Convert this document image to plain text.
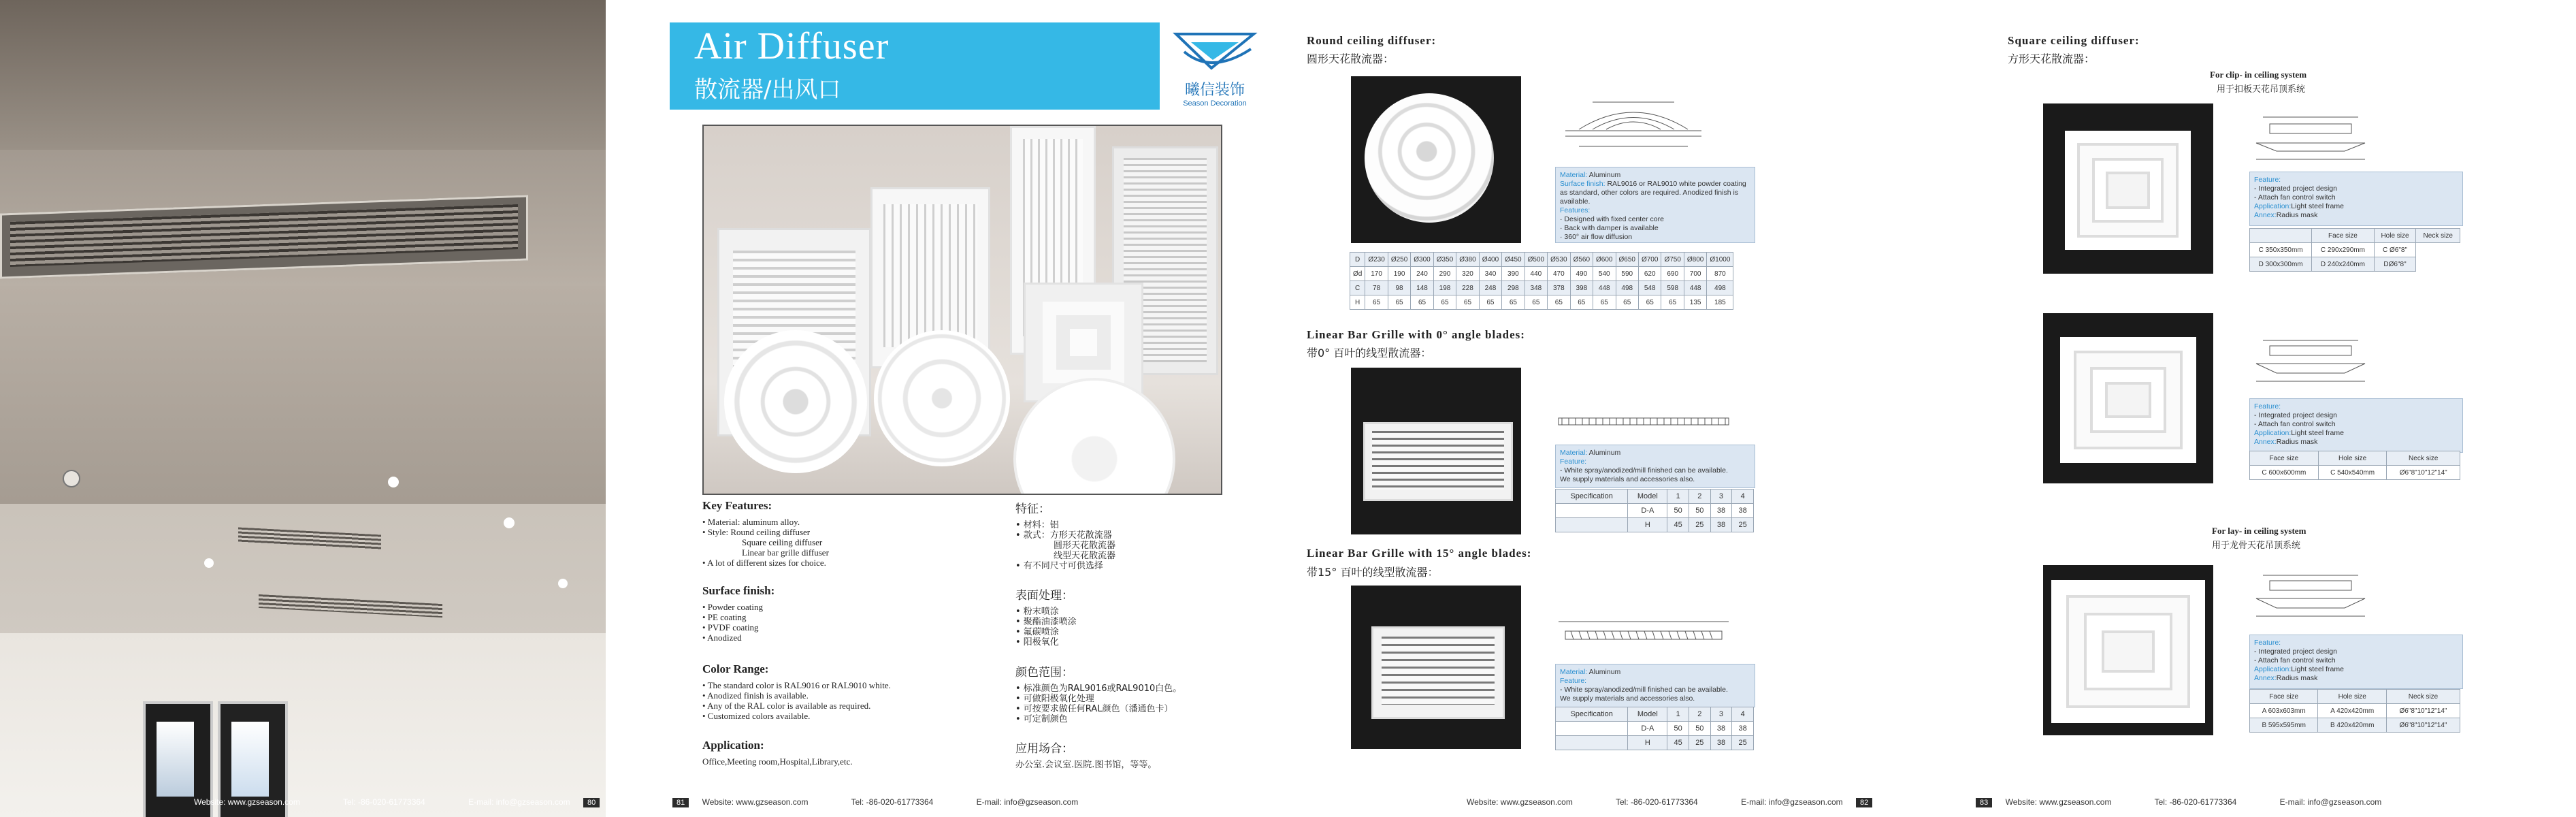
Website: www.gzseason.com	Tel: -86-020-61773364	E-mail: info@gzseason.com 80
Air Diffuser
散流器/出风口	曦信装饰
Season Decoration
Key Features:
• Material: aluminum alloy.
• Style: Round ceiling diffuser
Square ceiling diffuser
Linear bar grille diffuser
• A lot of different sizes for choice.
Surface finish:
• Powder coating
• PE coating
• PVDF coating
• Anodized
Color Range:
• The standard color is RAL9016 or RAL9010 white.
• Anodized finish is available.
• Any of the RAL color is available as required.
• Customized colors available.
Application:
Office,Meeting room,Hospital,Library,etc.
特征：
• 材料：铝
• 款式：方形天花散流器
圆形天花散流器
线型天花散流器
• 有不同尺寸可供选择
表面处理：
• 粉末喷涂
• 聚酯油漆喷涂
• 氟碳喷涂
• 阳极氧化
颜色范围：
• 标准颜色为RAL9016或RAL9010白色。
• 可做阳极氧化处理
• 可按要求做任何RAL颜色（潘通色卡）
• 可定制颜色
应用场合：
办公室.会议室.医院.图书馆，等等。
81 Website: www.gzseason.com	Tel: -86-020-61773364	E-mail: info@gzseason.com
Round ceiling diffuser:
圆形天花散流器：
Material: Aluminum
Surface finish: RAL9016 or RAL9010 white powder coating as standard, other colors are required. Anodized finish is available.
Features:
· Designed with fixed center core
· Back with damper is available
· 360° air flow diffusion
D	Ø230	Ø250	Ø300	Ø350	Ø380	Ø400	Ø450	Ø500	Ø530	Ø560	Ø600	Ø650	Ø700	Ø750	Ø800	Ø1000
Ød	170	190	240	290	320	340	390	440	470	490	540	590	620	690	700	870
C	78	98	148	198	228	248	298	348	378	398	448	498	548	598	448	498
H	65	65	65	65	65	65	65	65	65	65	65	65	65	65	135	185
Linear Bar Grille with 0° angle blades:
带0° 百叶的线型散流器：
Material: Aluminum
Feature:
- White spray/anodized/mill finished can be available.
We supply materials and accessories also.
Specification	Model	1	2	3	4
	D-A	50	50	38	38
	H	45	25	38	25
Linear Bar Grille with 15° angle blades:
带15° 百叶的线型散流器：
Material: Aluminum
Feature:
- White spray/anodized/mill finished can be available.
We supply materials and accessories also.
Specification	Model	1	2	3	4
	D-A	50	50	38	38
	H	45	25	38	25
Website: www.gzseason.com	Tel: -86-020-61773364	E-mail: info@gzseason.com 82
Square ceiling diffuser:
方形天花散流器：
For clip- in ceiling system
用于扣板天花吊顶系统
Feature:
- Integrated project design
- Attach fan control switch
Application:Light steel frame
Annex:Radius mask
	Face size	Hole size	Neck size
C 350x350mm	C 290x290mm	C Ø6"8"	
D 300x300mm	D 240x240mm	DØ6"8"	
Feature:
- Integrated project design
- Attach fan control switch
Application:Light steel frame
Annex:Radius mask
Face size	Hole size	Neck size
C 600x600mm	C 540x540mm	Ø6"8"10"12"14"
For lay- in ceiling system
用于龙骨天花吊顶系统
Feature:
- Integrated project design
- Attach fan control switch
Application:Light steel frame
Annex:Radius mask
Face size	Hole size	Neck size
A 603x603mm	A 420x420mm	Ø6"8"10"12"14"
B 595x595mm	B 420x420mm	Ø6"8"10"12"14"
83 Website: www.gzseason.com	Tel: -86-020-61773364	E-mail: info@gzseason.com
